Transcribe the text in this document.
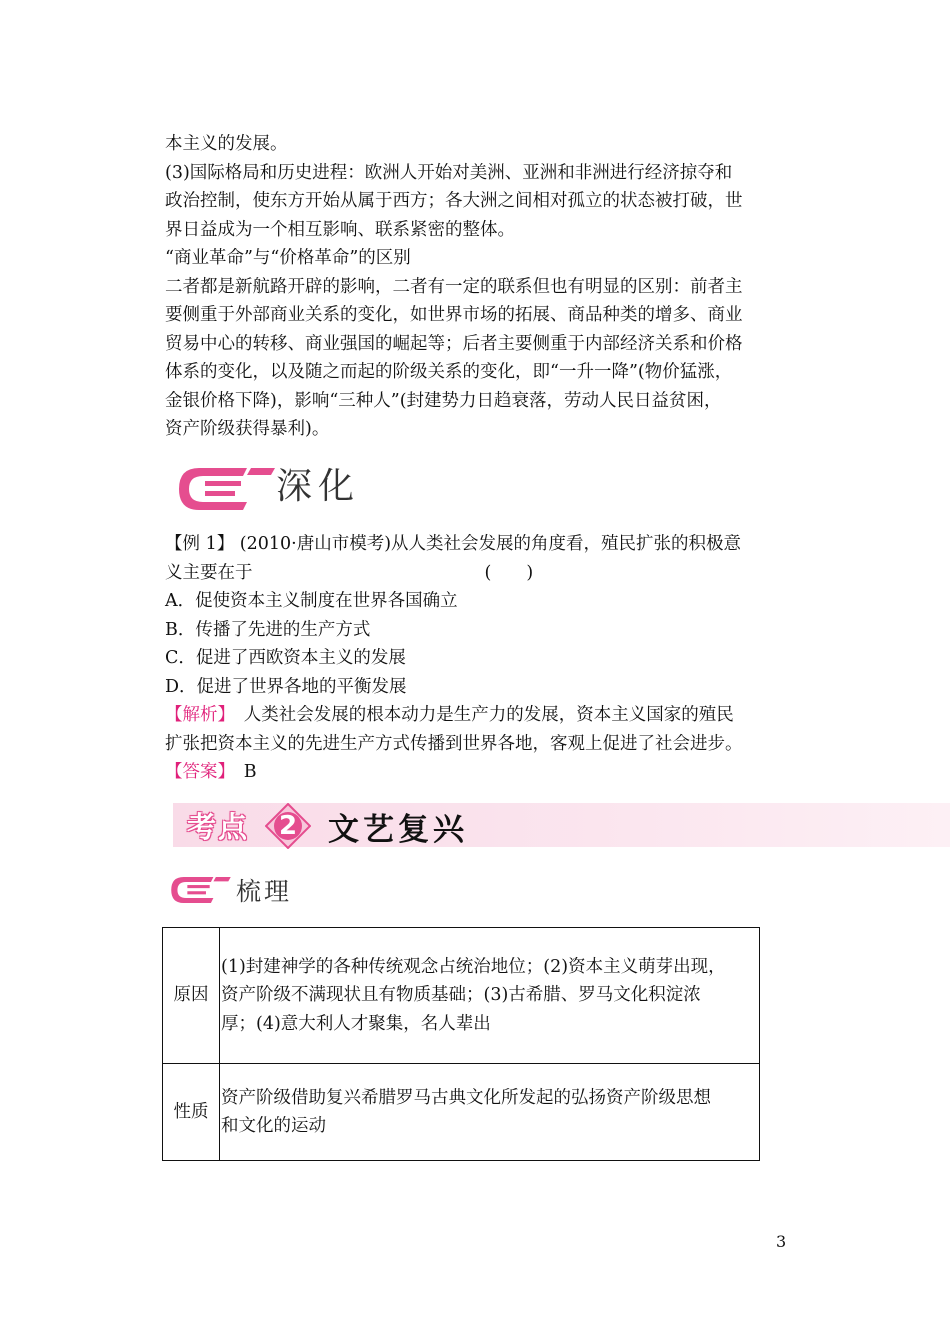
本主义的发展。
(3)国际格局和历史进程：欧洲人开始对美洲、亚洲和非洲进行经济掠夺和
政治控制，使东方开始从属于西方；各大洲之间相对孤立的状态被打破，世
界日益成为一个相互影响、联系紧密的整体。
“商业革命”与“价格革命”的区别
二者都是新航路开辟的影响，二者有一定的联系但也有明显的区别：前者主
要侧重于外部商业关系的变化，如世界市场的拓展、商品种类的增多、商业
贸易中心的转移、商业强国的崛起等；后者主要侧重于内部经济关系和价格
体系的变化，以及随之而起的阶级关系的变化，即“一升一降”(物价猛涨，
金银价格下降)，影响“三种人”(封建势力日趋衰落，劳动人民日益贫困，
资产阶级获得暴利)。
深化
【例 1】 (2010·唐山市模考)从人类社会发展的角度看，殖民扩张的积极意
义主要在于	(　　)
A．促使资本主义制度在世界各国确立
B．传播了先进的生产方式
C．促进了西欧资本主义的发展
D．促进了世界各地的平衡发展
【解析】　人类社会发展的根本动力是生产力的发展，资本主义国家的殖民
扩张把资本主义的先进生产方式传播到世界各地，客观上促进了社会进步。
【答案】　B
考点	2 文艺复兴
梳理
原因	(1)封建神学的各种传统观念占统治地位；(2)资本主义萌芽出现，
资产阶级不满现状且有物质基础；(3)古希腊、罗马文化积淀浓
厚；(4)意大利人才聚集，名人辈出

性质	资产阶级借助复兴希腊罗马古典文化所发起的弘扬资产阶级思想
和文化的运动
3
